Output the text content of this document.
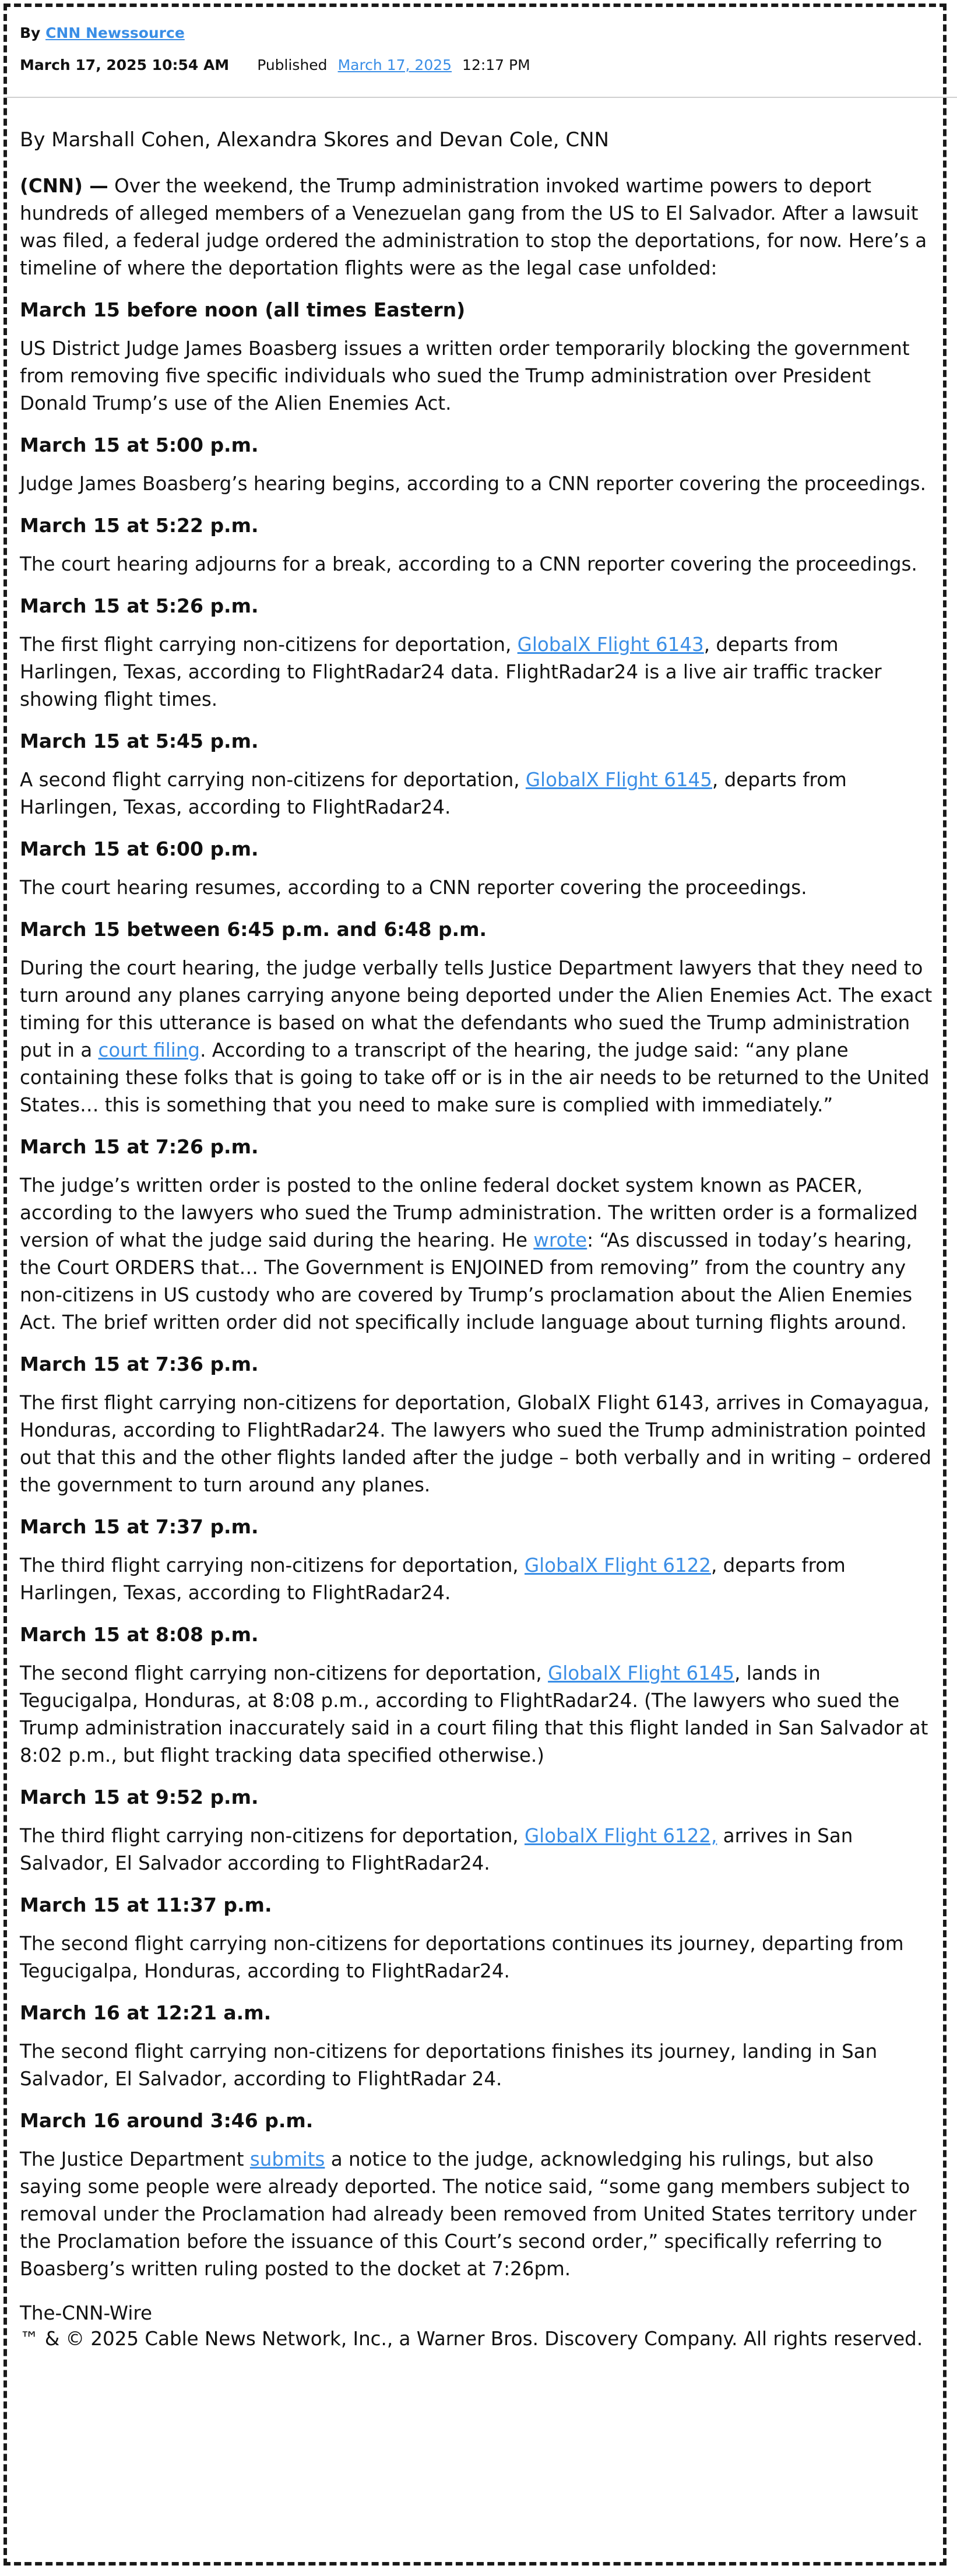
By CNN Newssource
March 17, 2025 10:54 AM Published March 17, 2025 12:17 PM
By Marshall Cohen, Alexandra Skores and Devan Cole, CNN

(CNN) — Over the weekend, the Trump administration invoked wartime powers to deport hundreds of alleged members of a Venezuelan gang from the US to El Salvador. After a lawsuit was filed, a federal judge ordered the administration to stop the deportations, for now. Here’s a timeline of where the deportation flights were as the legal case unfolded:

March 15 before noon (all times Eastern)

US District Judge James Boasberg issues a written order temporarily blocking the government from removing five specific individuals who sued the Trump administration over President Donald Trump’s use of the Alien Enemies Act.

March 15 at 5:00 p.m.

Judge James Boasberg’s hearing begins, according to a CNN reporter covering the proceedings.

March 15 at 5:22 p.m.

The court hearing adjourns for a break, according to a CNN reporter covering the proceedings.

March 15 at 5:26 p.m.

The first flight carrying non-citizens for deportation, GlobalX Flight 6143, departs from Harlingen, Texas, according to FlightRadar24 data. FlightRadar24 is a live air traffic tracker showing flight times.

March 15 at 5:45 p.m.

A second flight carrying non-citizens for deportation, GlobalX Flight 6145, departs from Harlingen, Texas, according to FlightRadar24.

March 15 at 6:00 p.m.

The court hearing resumes, according to a CNN reporter covering the proceedings.

March 15 between 6:45 p.m. and 6:48 p.m.

During the court hearing, the judge verbally tells Justice Department lawyers that they need to turn around any planes carrying anyone being deported under the Alien Enemies Act. The exact timing for this utterance is based on what the defendants who sued the Trump administration put in a court filing. According to a transcript of the hearing, the judge said: “any plane containing these folks that is going to take off or is in the air needs to be returned to the United States… this is something that you need to make sure is complied with immediately.”

March 15 at 7:26 p.m.

The judge’s written order is posted to the online federal docket system known as PACER, according to the lawyers who sued the Trump administration. The written order is a formalized version of what the judge said during the hearing. He wrote: “As discussed in today’s hearing, the Court ORDERS that… The Government is ENJOINED from removing” from the country any non-citizens in US custody who are covered by Trump’s proclamation about the Alien Enemies Act. The brief written order did not specifically include language about turning flights around.

March 15 at 7:36 p.m.

The first flight carrying non-citizens for deportation, GlobalX Flight 6143, arrives in Comayagua, Honduras, according to FlightRadar24. The lawyers who sued the Trump administration pointed out that this and the other flights landed after the judge – both verbally and in writing – ordered the government to turn around any planes.

March 15 at 7:37 p.m.

The third flight carrying non-citizens for deportation, GlobalX Flight 6122, departs from Harlingen, Texas, according to FlightRadar24.

March 15 at 8:08 p.m.

The second flight carrying non-citizens for deportation, GlobalX Flight 6145, lands in Tegucigalpa, Honduras, at 8:08 p.m., according to FlightRadar24. (The lawyers who sued the Trump administration inaccurately said in a court filing that this flight landed in San Salvador at 8:02 p.m., but flight tracking data specified otherwise.)

March 15 at 9:52 p.m.

The third flight carrying non-citizens for deportation, GlobalX Flight 6122, arrives in San Salvador, El Salvador according to FlightRadar24.

March 15 at 11:37 p.m.

The second flight carrying non-citizens for deportations continues its journey, departing from Tegucigalpa, Honduras, according to FlightRadar24.

March 16 at 12:21 a.m.

The second flight carrying non-citizens for deportations finishes its journey, landing in San Salvador, El Salvador, according to FlightRadar 24.

March 16 around 3:46 p.m.

The Justice Department submits a notice to the judge, acknowledging his rulings, but also saying some people were already deported. The notice said, “some gang members subject to removal under the Proclamation had already been removed from United States territory under the Proclamation before the issuance of this Court’s second order,” specifically referring to Boasberg’s written ruling posted to the docket at 7:26pm.

The-CNN-Wire
™ & © 2025 Cable News Network, Inc., a Warner Bros. Discovery Company. All rights reserved.
